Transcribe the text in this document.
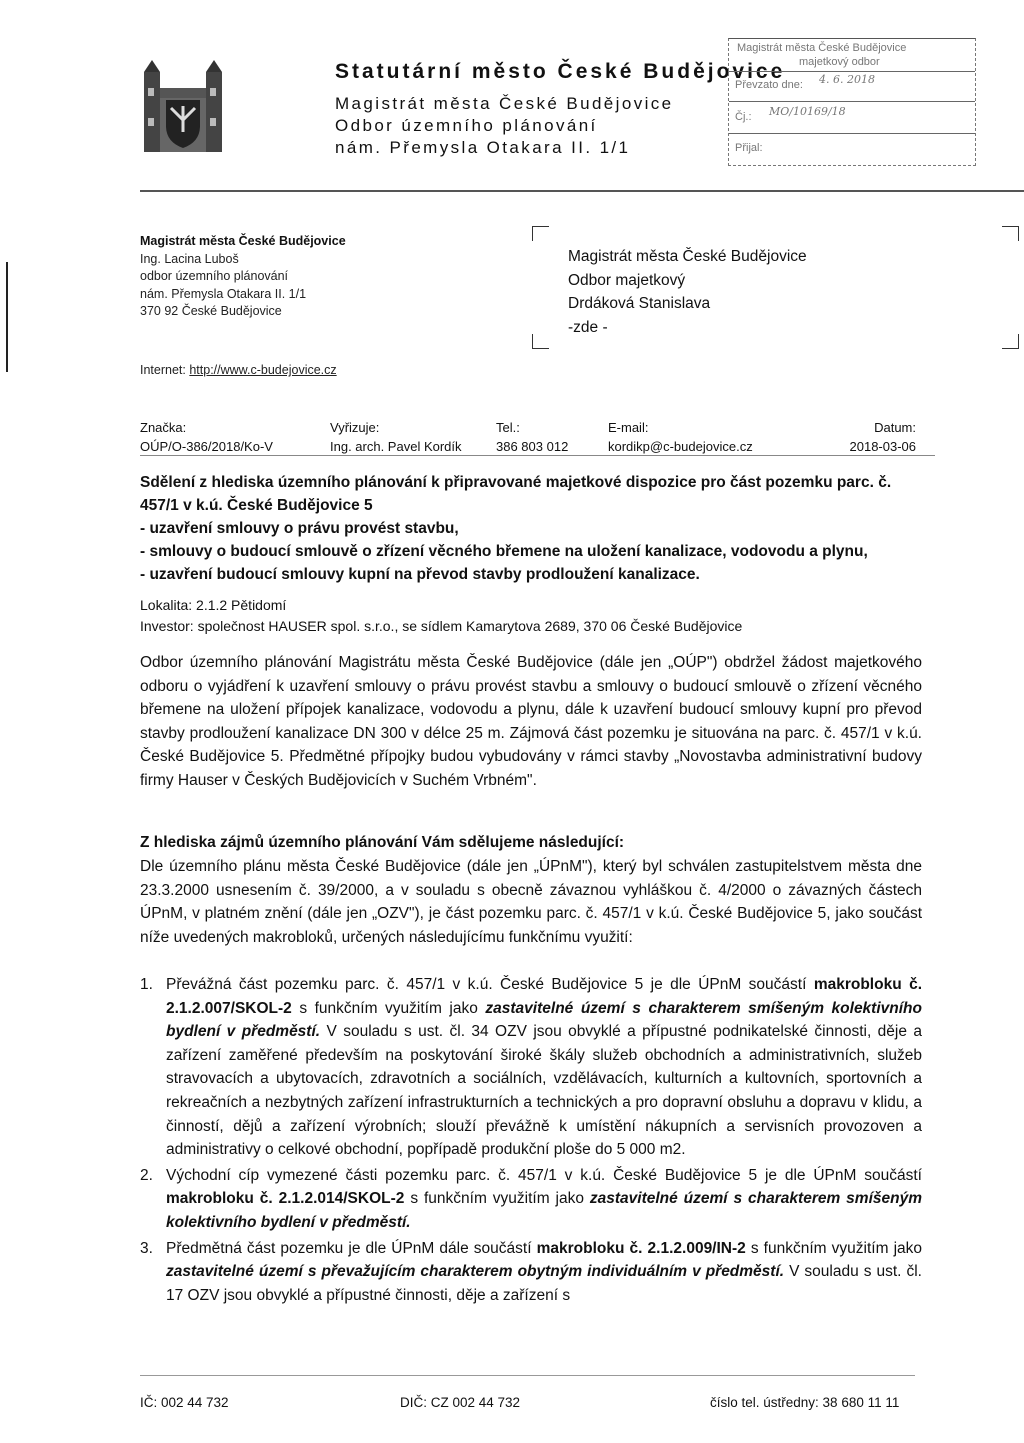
Statutární město České Budějovice
Magistrát města České Budějovice
Odbor územního plánování
nám. Přemysla Otakara II. 1/1
Magistrát města České Budějovice
majetkový odbor
Převzato dne: 4. 6. 2018
Čj.: MO/10169/18
Přijal:
Magistrát města České Budějovice
Ing. Lacina Luboš
odbor územního plánování
nám. Přemysla Otakara II. 1/1
370 92 České Budějovice
Internet: http://www.c-budejovice.cz
Magistrát města České Budějovice
Odbor majetkový
Drdáková Stanislava
-zde -
Značka:
OÚP/O-386/2018/Ko-V
Vyřizuje:
Ing. arch. Pavel Kordík
Tel.:
386 803 012
E-mail:
kordikp@c-budejovice.cz
Datum:
2018-03-06
Sdělení z hlediska územního plánování k připravované majetkové dispozice pro část pozemku parc. č. 457/1 v k.ú. České Budějovice 5
- uzavření smlouvy o právu provést stavbu,
- smlouvy o budoucí smlouvě o zřízení věcného břemene na uložení kanalizace, vodovodu a plynu,
- uzavření budoucí smlouvy kupní na převod stavby prodloužení kanalizace.
Lokalita: 2.1.2 Pětidomí
Investor: společnost HAUSER spol. s.r.o., se sídlem Kamarytova 2689, 370 06 České Budějovice
Odbor územního plánování Magistrátu města České Budějovice (dále jen „OÚP") obdržel žádost majetkového odboru o vyjádření k uzavření smlouvy o právu provést stavbu a smlouvy o budoucí smlouvě o zřízení věcného břemene na uložení přípojek kanalizace, vodovodu a plynu, dále k uzavření budoucí smlouvy kupní pro převod stavby prodloužení kanalizace DN 300 v délce 25 m. Zájmová část pozemku je situována na parc. č. 457/1 v k.ú. České Budějovice 5. Předmětné přípojky budou vybudovány v rámci stavby „Novostavba administrativní budovy firmy Hauser v Českých Budějovicích v Suchém Vrbném".
Z hlediska zájmů územního plánování Vám sdělujeme následující:
Dle územního plánu města České Budějovice (dále jen „ÚPnM"), který byl schválen zastupitelstvem města dne 23.3.2000 usnesením č. 39/2000, a v souladu s obecně závaznou vyhláškou č. 4/2000 o závazných částech ÚPnM, v platném znění (dále jen „OZV"), je část pozemku parc. č. 457/1 v k.ú. České Budějovice 5, jako součást níže uvedených makrobloků, určených následujícímu funkčnímu využití:
1. Převážná část pozemku parc. č. 457/1 v k.ú. České Budějovice 5 je dle ÚPnM součástí makrobloku č. 2.1.2.007/SKOL-2 s funkčním využitím jako zastavitelné území s charakterem smíšeným kolektivního bydlení v předměstí. V souladu s ust. čl. 34 OZV jsou obvyklé a přípustné podnikatelské činnosti, děje a zařízení zaměřené především na poskytování široké škály služeb obchodních a administrativních, služeb stravovacích a ubytovacích, zdravotních a sociálních, vzdělávacích, kulturních a kultovních, sportovních a rekreačních a nezbytných zařízení infrastrukturních a technických a pro dopravní obsluhu a dopravu v klidu, a činností, dějů a zařízení výrobních; slouží převážně k umístění nákupních a servisních provozoven a administrativy o celkové obchodní, popřípadě produkční ploše do 5 000 m2.
2. Východní cíp vymezené části pozemku parc. č. 457/1 v k.ú. České Budějovice 5 je dle ÚPnM součástí makrobloku č. 2.1.2.014/SKOL-2 s funkčním využitím jako zastavitelné území s charakterem smíšeným kolektivního bydlení v předměstí.
3. Předmětná část pozemku je dle ÚPnM dále součástí makrobloku č. 2.1.2.009/IN-2 s funkčním využitím jako zastavitelné území s převažujícím charakterem obytným individuálním v předměstí. V souladu s ust. čl. 17 OZV jsou obvyklé a přípustné činnosti, děje a zařízení s
IČ: 002 44 732	DIČ: CZ 002 44 732	číslo tel. ústředny: 38 680 11 11
